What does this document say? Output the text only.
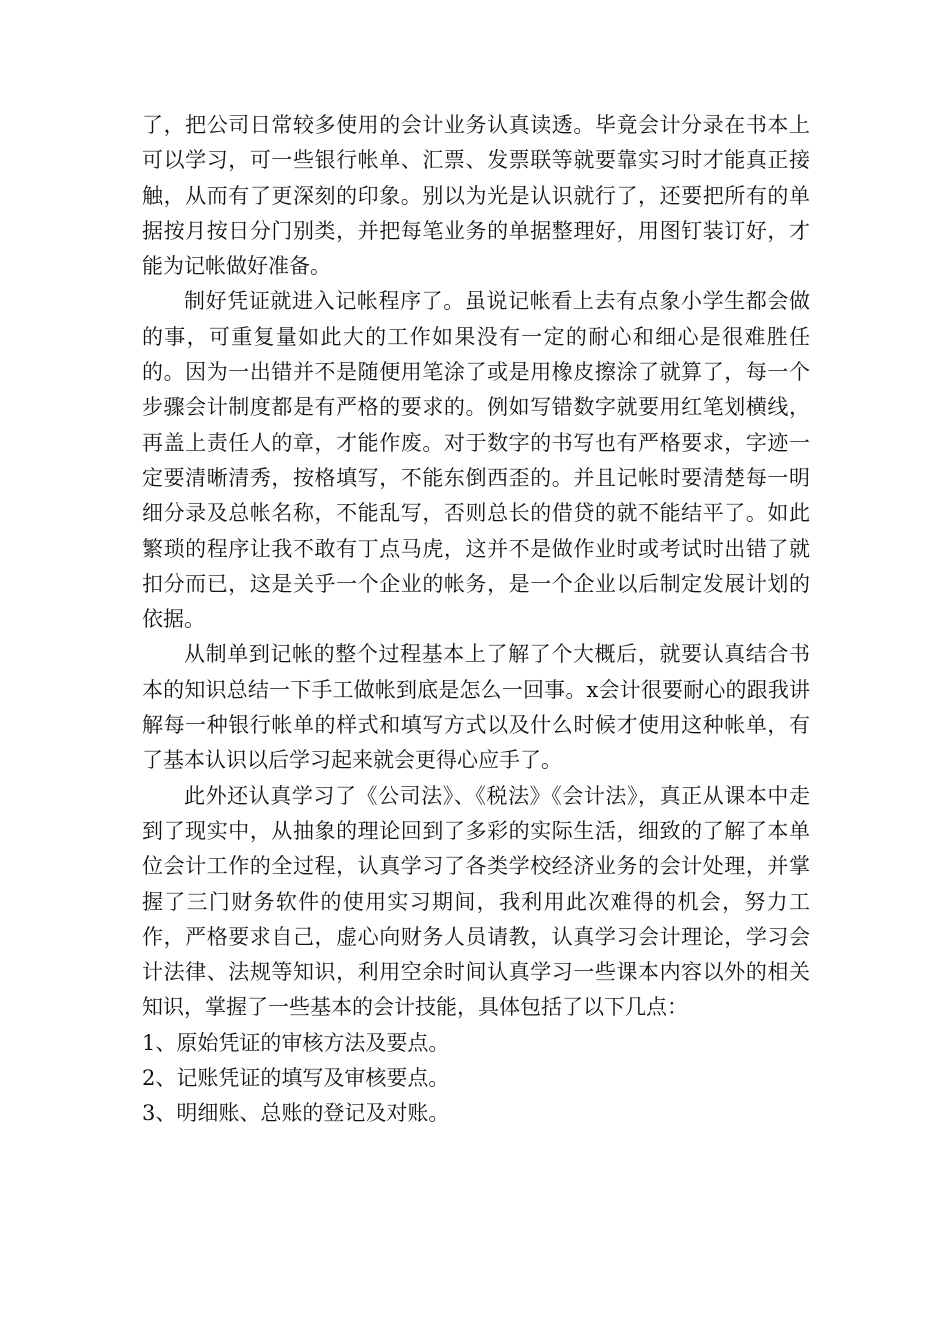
了，把公司日常较多使用的会计业务认真读透。毕竟会计分录在书本上可以学习，可一些银行帐单、汇票、发票联等就要靠实习时才能真正接触，从而有了更深刻的印象。别以为光是认识就行了，还要把所有的单据按月按日分门别类，并把每笔业务的单据整理好，用图钉装订好，才能为记帐做好准备。

制好凭证就进入记帐程序了。虽说记帐看上去有点象小学生都会做的事，可重复量如此大的工作如果没有一定的耐心和细心是很难胜任的。因为一出错并不是随便用笔涂了或是用橡皮擦涂了就算了，每一个步骤会计制度都是有严格的要求的。例如写错数字就要用红笔划横线，再盖上责任人的章，才能作废。对于数字的书写也有严格要求，字迹一定要清晰清秀，按格填写，不能东倒西歪的。并且记帐时要清楚每一明细分录及总帐名称，不能乱写，否则总长的借贷的就不能结平了。如此繁琐的程序让我不敢有丁点马虎，这并不是做作业时或考试时出错了就扣分而已，这是关乎一个企业的帐务，是一个企业以后制定发展计划的依据。

从制单到记帐的整个过程基本上了解了个大概后，就要认真结合书本的知识总结一下手工做帐到底是怎么一回事。x会计很要耐心的跟我讲解每一种银行帐单的样式和填写方式以及什么时候才使用这种帐单，有了基本认识以后学习起来就会更得心应手了。

此外还认真学习了《公司法》、《税法》《会计法》，真正从课本中走到了现实中，从抽象的理论回到了多彩的实际生活，细致的了解了本单位会计工作的全过程，认真学习了各类学校经济业务的会计处理，并掌握了三门财务软件的使用实习期间，我利用此次难得的机会，努力工作，严格要求自己，虚心向财务人员请教，认真学习会计理论，学习会计法律、法规等知识，利用空余时间认真学习一些课本内容以外的相关知识，掌握了一些基本的会计技能，具体包括了以下几点：

1、原始凭证的审核方法及要点。

2、记账凭证的填写及审核要点。

3、明细账、总账的登记及对账。
